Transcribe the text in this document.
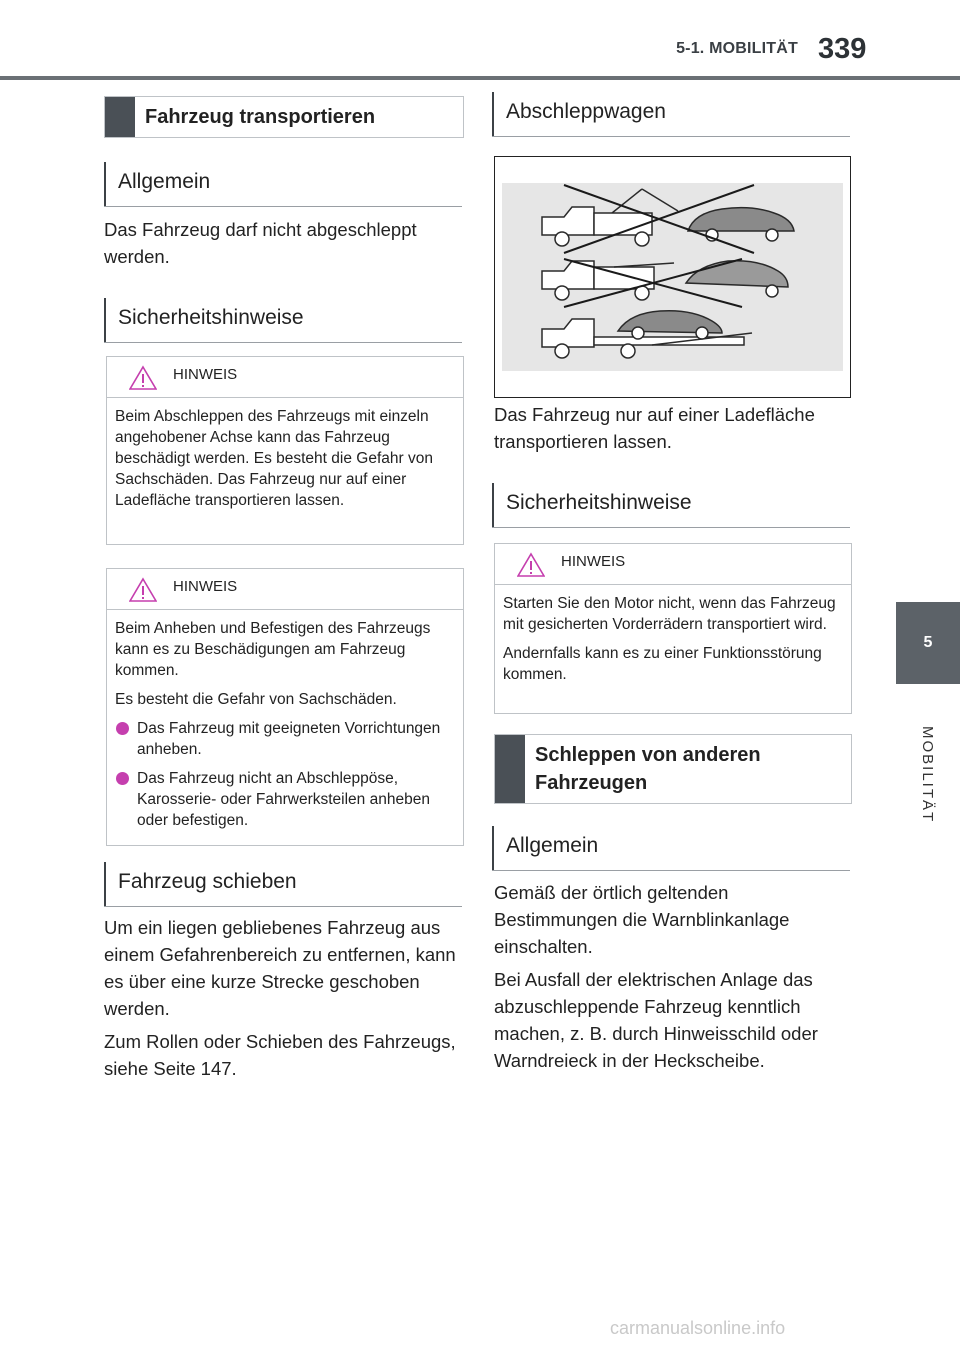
5-1. MOBILITÄT 339
5
MOBILITÄT
Fahrzeug transportieren
Allgemein

Das Fahrzeug darf nicht abgeschleppt werden.

Sicherheitshinweise
HINWEIS

Beim Abschleppen des Fahrzeugs mit einzeln angehobener Achse kann das Fahrzeug beschädigt werden. Es besteht die Gefahr von Sachschäden. Das Fahrzeug nur auf einer Ladefläche transportieren lassen.

HINWEIS

Beim Anheben und Befestigen des Fahrzeugs kann es zu Beschädigungen am Fahrzeug kommen.

Es besteht die Gefahr von Sachschäden.

Das Fahrzeug mit geeigneten Vorrichtungen anheben.
Das Fahrzeug nicht an Abschleppöse, Karosserie- oder Fahrwerksteilen anheben oder befestigen.
Fahrzeug schieben

Um ein liegen gebliebenes Fahrzeug aus einem Gefahrenbereich zu entfernen, kann es über eine kurze Strecke geschoben werden.

Zum Rollen oder Schieben des Fahrzeugs, siehe Seite 147.

Abschleppwagen

Das Fahrzeug nur auf einer Ladefläche transportieren lassen.

Sicherheitshinweise
HINWEIS

Starten Sie den Motor nicht, wenn das Fahrzeug mit gesicherten Vorderrädern transportiert wird.

Andernfalls kann es zu einer Funktionsstörung kommen.

Schleppen von anderen Fahrzeugen
Allgemein

Gemäß der örtlich geltenden Bestimmungen die Warnblinkanlage einschalten.

Bei Ausfall der elektrischen Anlage das abzuschleppende Fahrzeug kenntlich machen, z. B. durch Hinweisschild oder Warndreieck in der Heckscheibe.

carmanualsonline.info
